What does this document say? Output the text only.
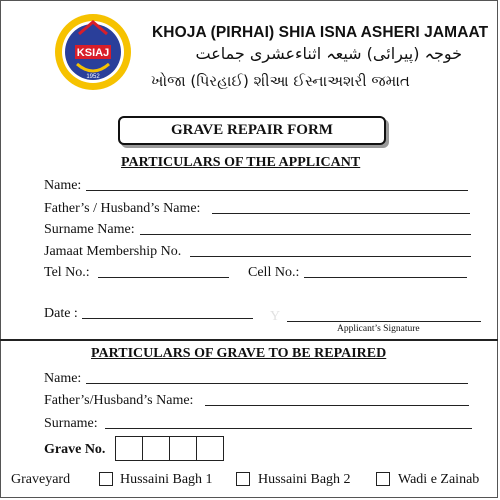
KSIAJ
1952
KHOJA (PIRHAI) SHIA ISNA ASHERI JAMAAT
خوجہ (پیرائی) شیعہ اثناءعشری جماعت
ખોજા (પિરહાઈ) શીઆ ઈસ્નાઅશરી જમાત
GRAVE REPAIR FORM
PARTICULARS OF THE APPLICANT
Name:
Father’s / Husband’s Name:
Surname Name:
Jamaat Membership No.
Tel No.:	Cell No.:
Date :	Y
Applicant’s Signature
PARTICULARS OF GRAVE TO BE REPAIRED
Name:
Father’s/Husband’s Name:
Surname:
Grave No.
Graveyard	Hussaini Bagh 1	Hussaini Bagh 2	Wadi e Zainab
